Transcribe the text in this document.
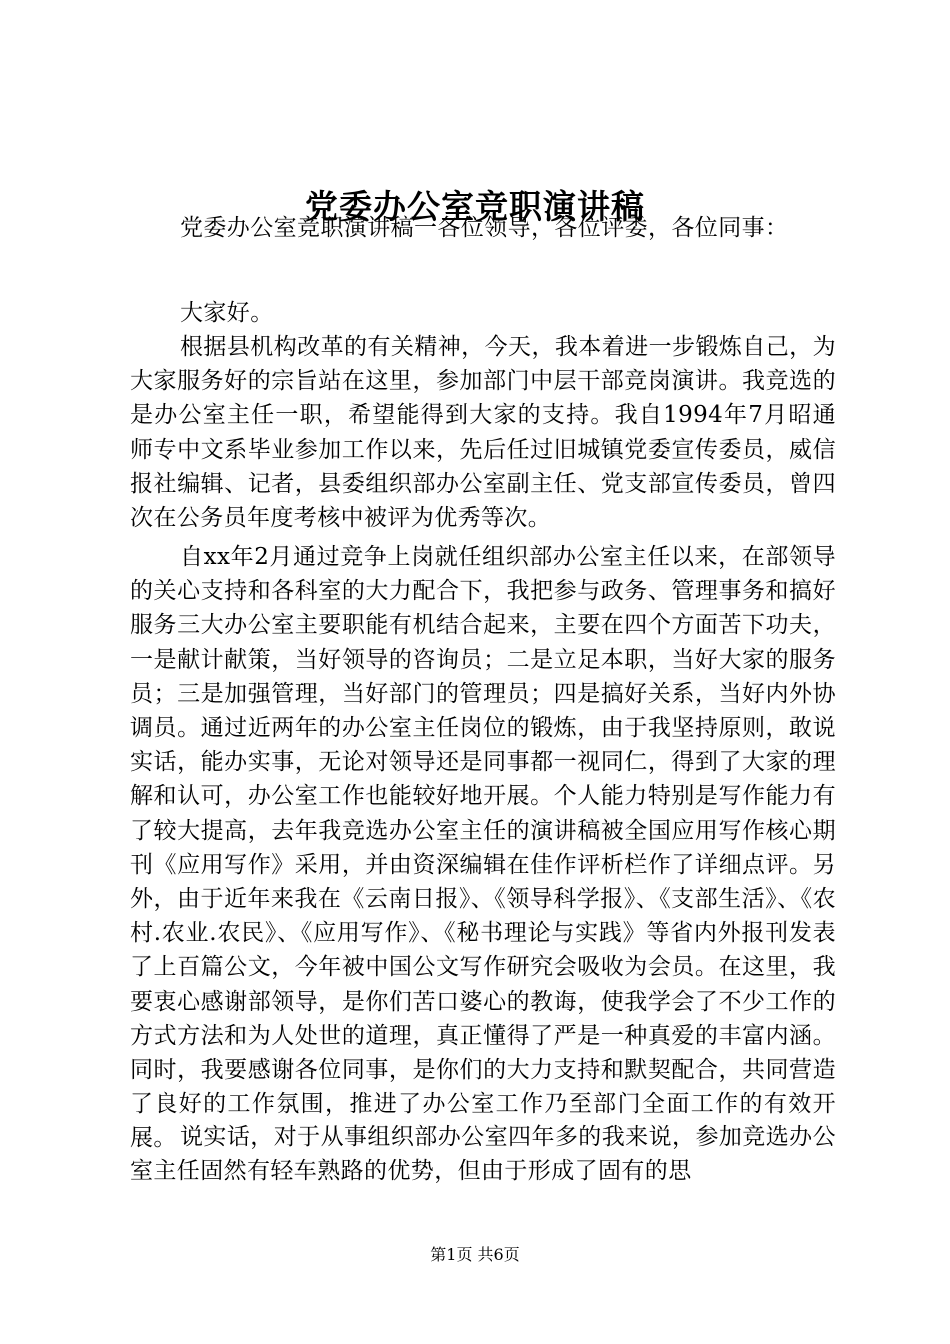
党委办公室竞职演讲稿

党委办公室竞职演讲稿一各位领导，各位评委，各位同事：

大家好。

根据县机构改革的有关精神，今天，我本着进一步锻炼自己，为大家服务好的宗旨站在这里，参加部门中层干部竞岗演讲。我竞选的是办公室主任一职，希望能得到大家的支持。我自1994年7月昭通师专中文系毕业参加工作以来，先后任过旧城镇党委宣传委员，威信报社编辑、记者，县委组织部办公室副主任、党支部宣传委员，曾四次在公务员年度考核中被评为优秀等次。

自xx年2月通过竞争上岗就任组织部办公室主任以来，在部领导的关心支持和各科室的大力配合下，我把参与政务、管理事务和搞好服务三大办公室主要职能有机结合起来，主要在四个方面苦下功夫，一是献计献策，当好领导的咨询员；二是立足本职，当好大家的服务员；三是加强管理，当好部门的管理员；四是搞好关系，当好内外协调员。通过近两年的办公室主任岗位的锻炼，由于我坚持原则，敢说实话，能办实事，无论对领导还是同事都一视同仁，得到了大家的理解和认可，办公室工作也能较好地开展。个人能力特别是写作能力有了较大提高，去年我竞选办公室主任的演讲稿被全国应用写作核心期刊《应用写作》采用，并由资深编辑在佳作评析栏作了详细点评。另外，由于近年来我在《云南日报》、《领导科学报》、《支部生活》、《农村.农业.农民》、《应用写作》、《秘书理论与实践》等省内外报刊发表了上百篇公文，今年被中国公文写作研究会吸收为会员。在这里，我要衷心感谢部领导，是你们苦口婆心的教诲，使我学会了不少工作的方式方法和为人处世的道理，真正懂得了严是一种真爱的丰富内涵。同时，我要感谢各位同事，是你们的大力支持和默契配合，共同营造了良好的工作氛围，推进了办公室工作乃至部门全面工作的有效开展。 说实话，对于从事组织部办公室四年多的我来说，参加竞选办公室主任固然有轻车熟路的优势，但由于形成了固有的思

第1页 共6页
